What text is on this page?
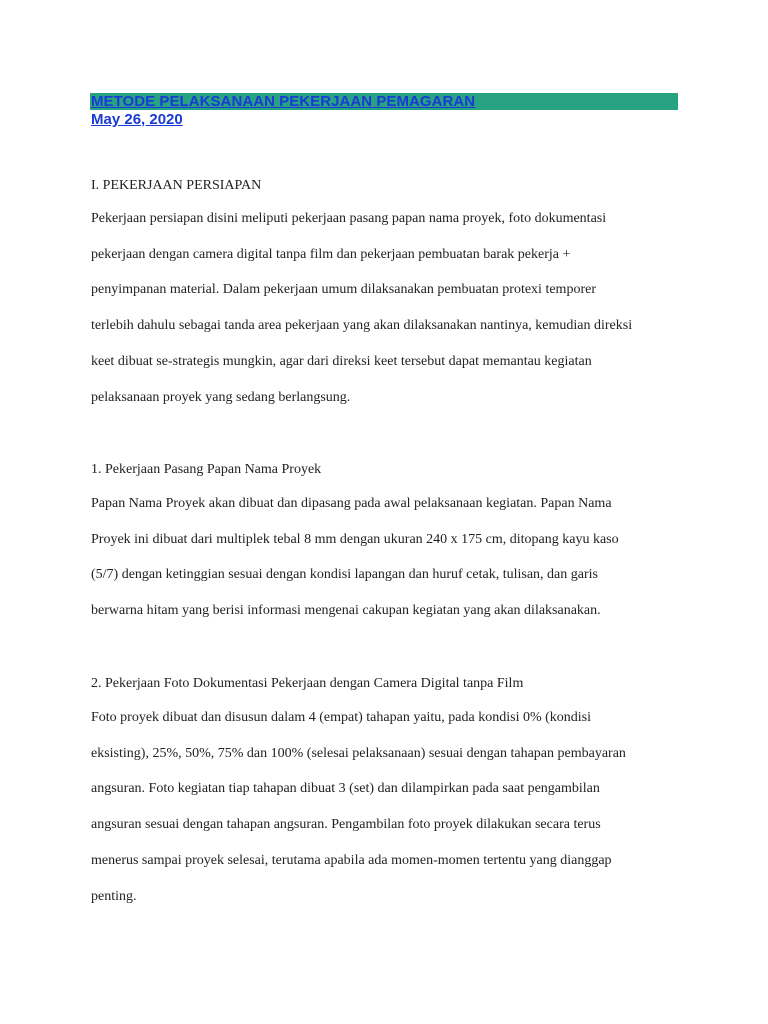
METODE PELAKSANAAN PEKERJAAN PEMAGARAN
May 26, 2020
I. PEKERJAAN PERSIAPAN
Pekerjaan persiapan disini meliputi pekerjaan pasang papan nama proyek, foto dokumentasi
pekerjaan dengan camera digital tanpa film dan pekerjaan pembuatan barak pekerja +
penyimpanan material. Dalam pekerjaan umum dilaksanakan pembuatan protexi temporer
terlebih dahulu sebagai tanda area pekerjaan yang akan dilaksanakan nantinya, kemudian direksi
keet dibuat se-strategis mungkin, agar dari direksi keet tersebut dapat memantau kegiatan
pelaksanaan proyek yang sedang berlangsung.
1. Pekerjaan Pasang Papan Nama Proyek
Papan Nama Proyek akan dibuat dan dipasang pada awal pelaksanaan kegiatan. Papan Nama
Proyek ini dibuat dari multiplek tebal 8 mm dengan ukuran 240 x 175 cm, ditopang kayu kaso
(5/7) dengan ketinggian sesuai dengan kondisi lapangan dan huruf cetak, tulisan, dan garis
berwarna hitam yang berisi informasi mengenai cakupan kegiatan yang akan dilaksanakan.
2. Pekerjaan Foto Dokumentasi Pekerjaan dengan Camera Digital tanpa Film
Foto proyek dibuat dan disusun dalam 4 (empat) tahapan yaitu, pada kondisi 0% (kondisi
eksisting), 25%, 50%, 75% dan 100% (selesai pelaksanaan) sesuai dengan tahapan pembayaran
angsuran. Foto kegiatan tiap tahapan dibuat 3 (set) dan dilampirkan pada saat pengambilan
angsuran sesuai dengan tahapan angsuran. Pengambilan foto proyek dilakukan secara terus
menerus sampai proyek selesai, terutama apabila ada momen-momen tertentu yang dianggap
penting.
